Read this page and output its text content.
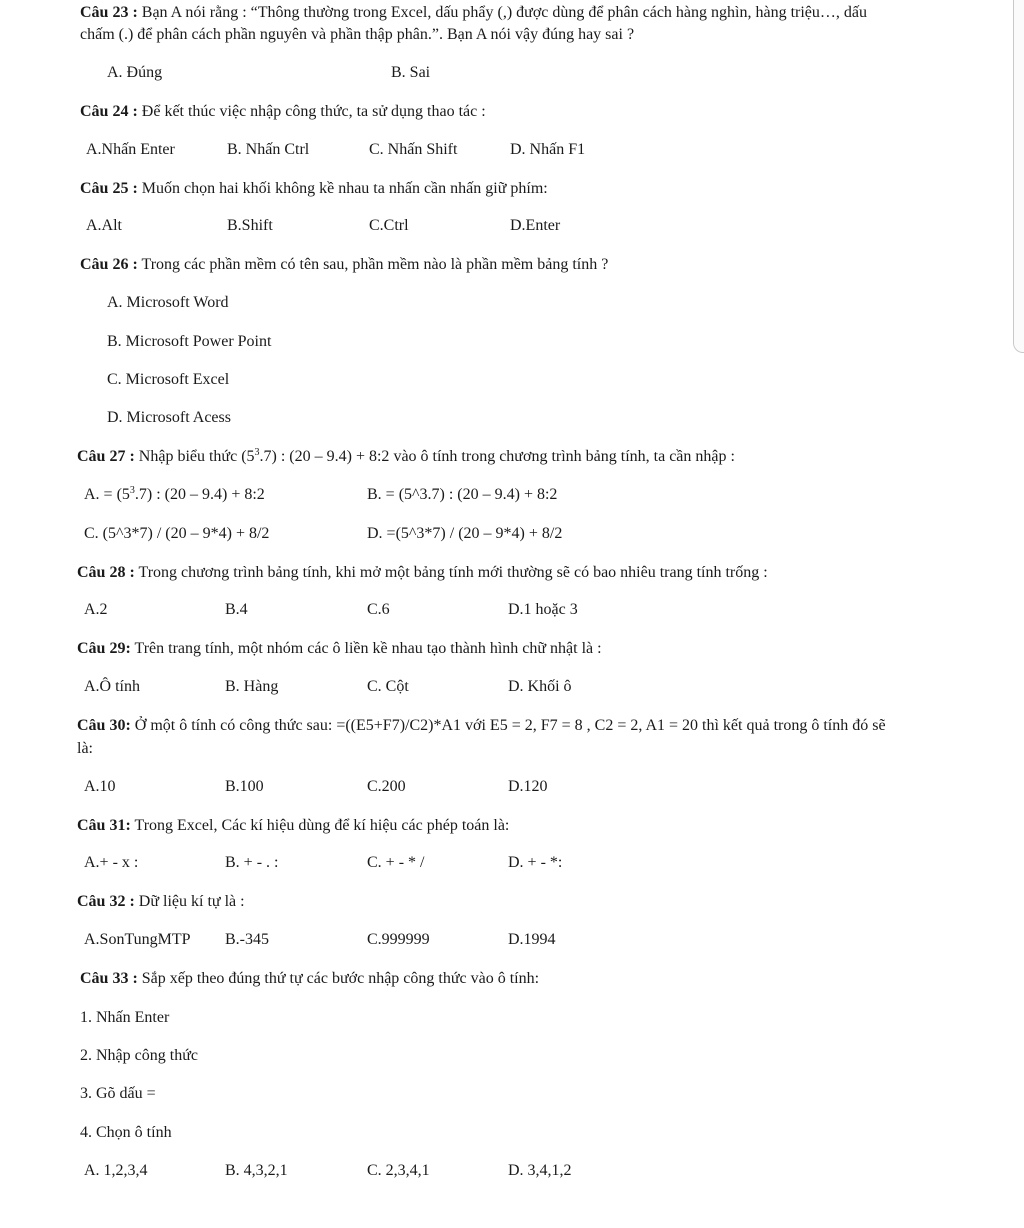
Câu 23 : Bạn A nói rằng : “Thông thường trong Excel, dấu phẩy (,) được dùng để phân cách hàng nghìn, hàng triệu…, dấu
chấm (.) để phân cách phần nguyên và phần thập phân.”. Bạn A nói vậy đúng hay sai ?
A. Đúng	B. Sai
Câu 24 : Để kết thúc việc nhập công thức, ta sử dụng thao tác :
A.Nhấn Enter	B. Nhấn Ctrl	C. Nhấn Shift	D. Nhấn F1
Câu 25 : Muốn chọn hai khối không kề nhau ta nhấn cần nhấn giữ phím:
A.Alt	B.Shift	C.Ctrl	D.Enter
Câu 26 : Trong các phần mềm có tên sau, phần mềm nào là phần mềm bảng tính ?
A. Microsoft Word
B. Microsoft Power Point
C. Microsoft Excel
D. Microsoft Acess
Câu 27 : Nhập biểu thức $(5^3.7)$ : (20 – 9.4) + 8:2 vào ô tính trong chương trình bảng tính, ta cần nhập :
A. = $(5^3.7)$ : (20 – 9.4) + 8:2	B. = (5^3.7) : (20 – 9.4) + 8:2
C. (5^3*7) / (20 – 9*4) + 8/2	D. =(5^3*7) / (20 – 9*4) + 8/2
Câu 28 : Trong chương trình bảng tính, khi mở một bảng tính mới thường sẽ có bao nhiêu trang tính trống :
A.2	B.4	C.6	D.1 hoặc 3
Câu 29: Trên trang tính, một nhóm các ô liền kề nhau tạo thành hình chữ nhật là :
A.Ô tính	B. Hàng	C. Cột	D. Khối ô
Câu 30: Ở một ô tính có công thức sau: =((E5+F7)/C2)*A1 với E5 = 2, F7 = 8 , C2 = 2, A1 = 20 thì kết quả trong ô tính đó sẽ
là:
A.10	B.100	C.200	D.120
Câu 31: Trong Excel, Các kí hiệu dùng để kí hiệu các phép toán là:
A.+ - x :	B. + - . :	C. + - * /	D. + - *:
Câu 32 : Dữ liệu kí tự là :
A.SonTungMTP B.-345	C.999999	D.1994
Câu 33 : Sắp xếp theo đúng thứ tự các bước nhập công thức vào ô tính:
1. Nhấn Enter
2. Nhập công thức
3. Gõ dấu =
4. Chọn ô tính
A. 1,2,3,4	B. 4,3,2,1	C. 2,3,4,1	D. 3,4,1,2
